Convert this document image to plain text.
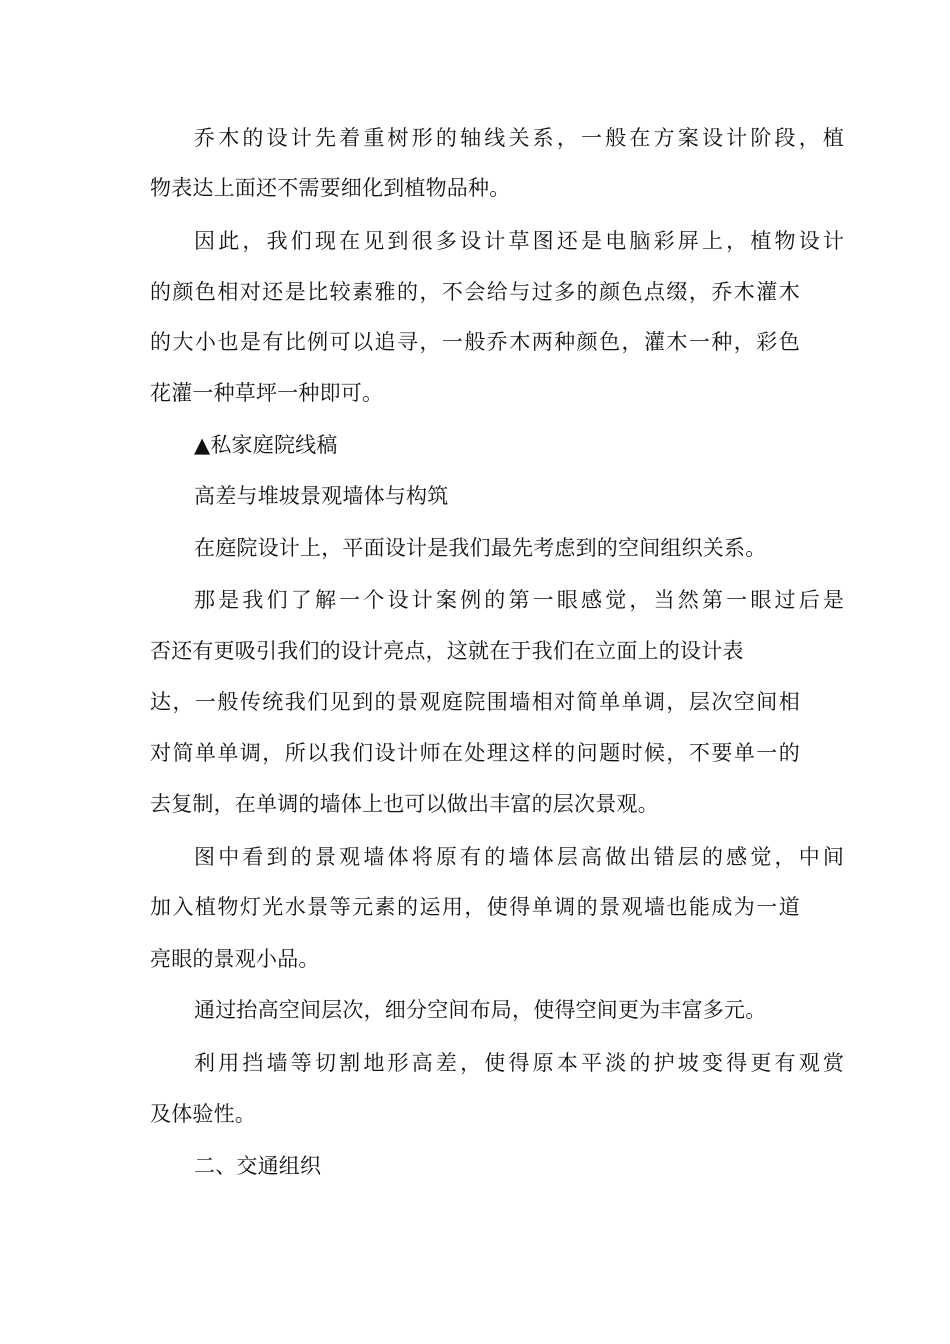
乔 木 的 设 计 先 着 重 树 形 的 轴 线 关 系 ， 一 般 在 方 案 设 计 阶 段 ， 植
物表达上面还不需要细化到植物品种。
因 此 ， 我 们 现 在 见 到 很 多 设 计 草 图 还 是 电 脑 彩 屏 上 ， 植 物 设 计
的 颜 色 相 对 还 是 比 较 素 雅 的 ， 不 会 给 与 过 多 的 颜 色 点 缀 ， 乔 木 灌 木
的 大 小 也 是 有 比 例 可 以 追 寻 ， 一 般 乔 木 两 种 颜 色 ， 灌 木 一 种 ， 彩 色
花灌一种草坪一种即可。
▲私家庭院线稿
高差与堆坡景观墙体与构筑
在庭院设计上，平面设计是我们最先考虑到的空间组织关系。
那 是 我 们 了 解 一 个 设 计 案 例 的 第 一 眼 感 觉 ， 当 然 第 一 眼 过 后 是
否还有更吸引我们的设计亮点，这就在于我们在立面上的设计表
达 ， 一 般 传 统 我 们 见 到 的 景 观 庭 院 围 墙 相 对 简 单 单 调 ， 层 次 空 间 相
对 简 单 单 调 ， 所 以 我 们 设 计 师 在 处 理 这 样 的 问 题 时 候 ， 不 要 单 一 的
去复制，在单调的墙体上也可以做出丰富的层次景观。
图 中 看 到 的 景 观 墙 体 将 原 有 的 墙 体 层 高 做 出 错 层 的 感 觉 ， 中 间
加 入 植 物 灯 光 水 景 等 元 素 的 运 用 ， 使 得 单 调 的 景 观 墙 也 能 成 为 一 道
亮眼的景观小品。
通过抬高空间层次，细分空间布局，使得空间更为丰富多元。
利 用 挡 墙 等 切 割 地 形 高 差 ， 使 得 原 本 平 淡 的 护 坡 变 得 更 有 观 赏
及体验性。
二、交通组织
